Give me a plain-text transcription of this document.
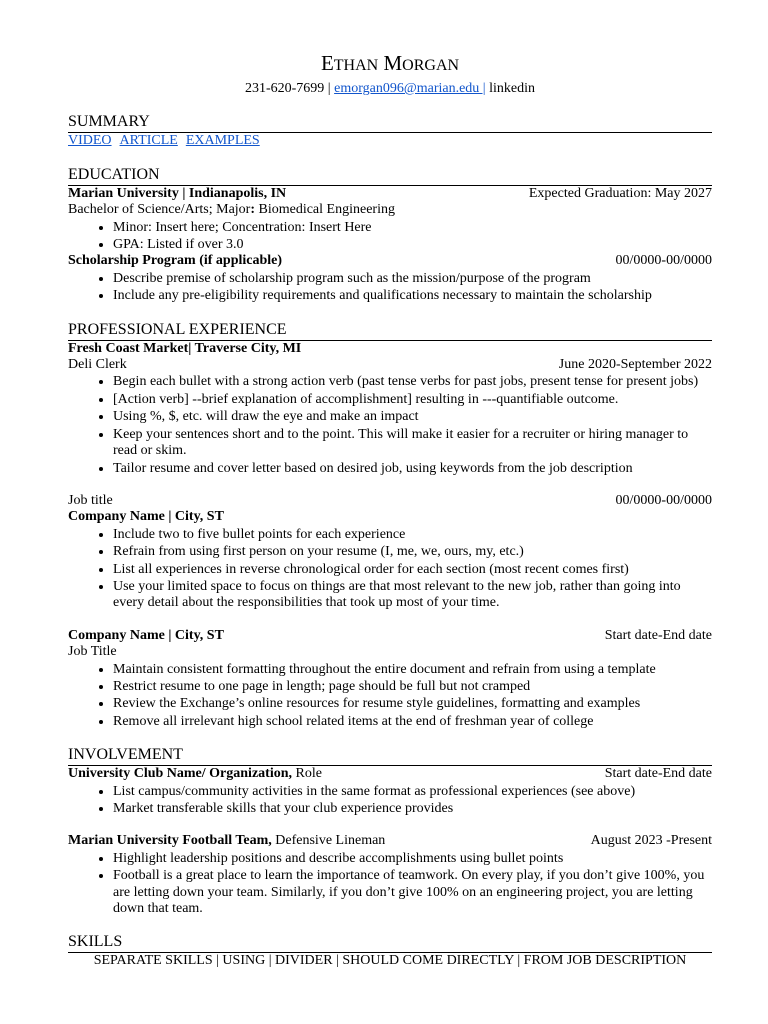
ETHAN MORGAN
231-620-7699 | emorgan096@marian.edu | linkedin
SUMMARY
VIDEO ARTICLE EXAMPLES
EDUCATION
Marian University | Indianapolis, IN	Expected Graduation: May 2027
Bachelor of Science/Arts; Major: Biomedical Engineering
• Minor: Insert here; Concentration: Insert Here
• GPA: Listed if over 3.0
Scholarship Program (if applicable)	00/0000-00/0000
• Describe premise of scholarship program such as the mission/purpose of the program
• Include any pre-eligibility requirements and qualifications necessary to maintain the scholarship
PROFESSIONAL EXPERIENCE
Fresh Coast Market| Traverse City, MI
Deli Clerk	June 2020-September 2022
• Begin each bullet with a strong action verb (past tense verbs for past jobs, present tense for present jobs)
• [Action verb] --brief explanation of accomplishment] resulting in ---quantifiable outcome.
• Using %, $, etc. will draw the eye and make an impact
• Keep your sentences short and to the point. This will make it easier for a recruiter or hiring manager to read or skim.
• Tailor resume and cover letter based on desired job, using keywords from the job description
Job title	00/0000-00/0000
Company Name | City, ST
• Include two to five bullet points for each experience
• Refrain from using first person on your resume (I, me, we, ours, my, etc.)
• List all experiences in reverse chronological order for each section (most recent comes first)
• Use your limited space to focus on things are that most relevant to the new job, rather than going into every detail about the responsibilities that took up most of your time.
Company Name | City, ST	Start date-End date
Job Title
• Maintain consistent formatting throughout the entire document and refrain from using a template
• Restrict resume to one page in length; page should be full but not cramped
• Review the Exchange’s online resources for resume style guidelines, formatting and examples
• Remove all irrelevant high school related items at the end of freshman year of college
INVOLVEMENT
University Club Name/ Organization, Role	Start date-End date
• List campus/community activities in the same format as professional experiences (see above)
• Market transferable skills that your club experience provides
Marian University Football Team, Defensive Lineman	August 2023 -Present
• Highlight leadership positions and describe accomplishments using bullet points
• Football is a great place to learn the importance of teamwork. On every play, if you don’t give 100%, you are letting down your team. Similarly, if you don’t give 100% on an engineering project, you are letting down that team.
SKILLS
SEPARATE SKILLS | USING | DIVIDER | SHOULD COME DIRECTLY | FROM JOB DESCRIPTION
